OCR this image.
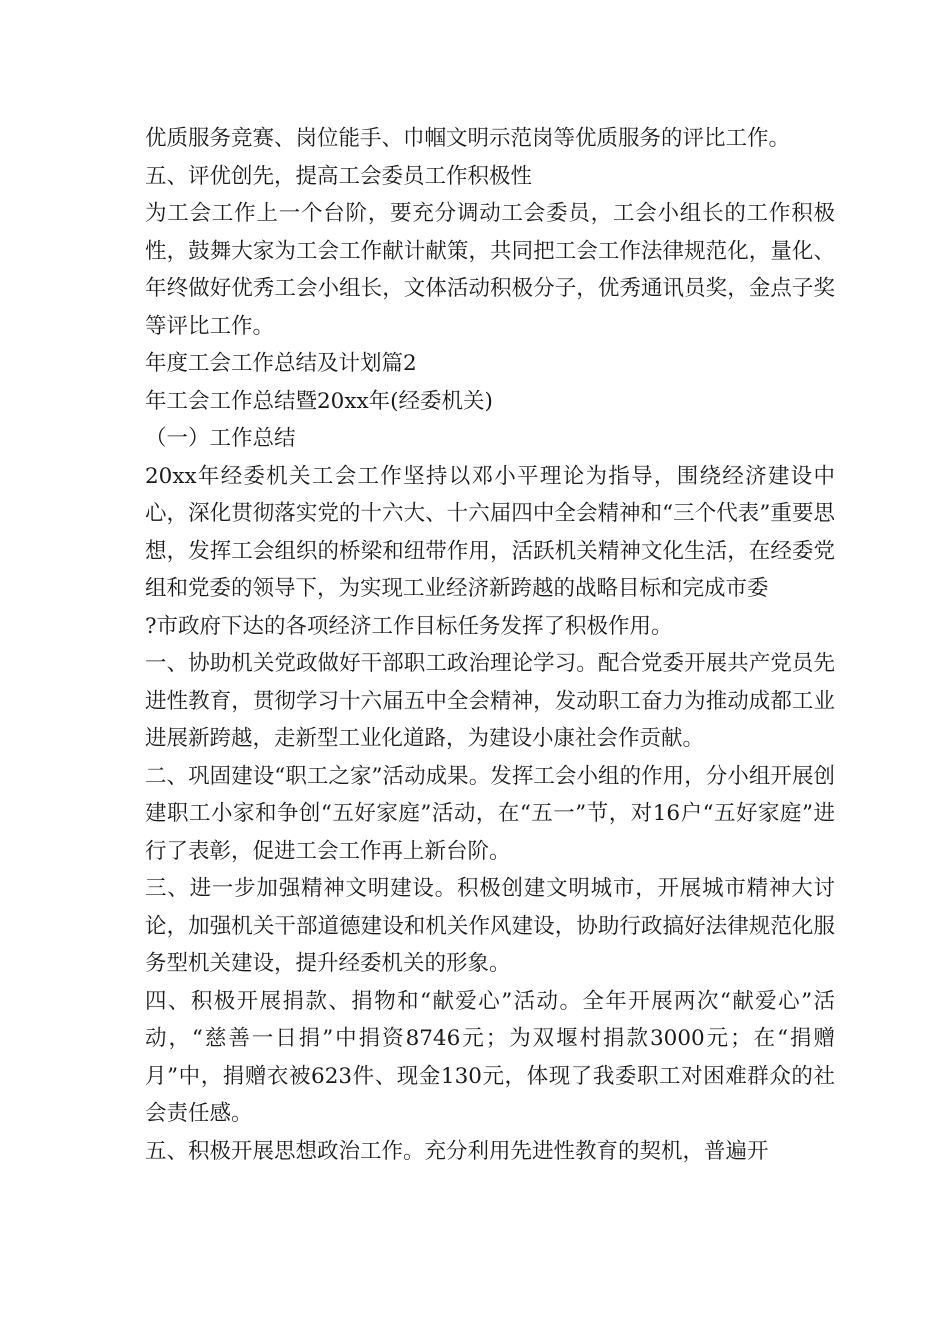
优质服务竞赛、岗位能手、巾帼文明示范岗等优质服务的评比工作。

五、评优创先，提高工会委员工作积极性

为工会工作上一个台阶，要充分调动工会委员，工会小组长的工作积极性，鼓舞大家为工会工作献计献策，共同把工会工作法律规范化，量化、年终做好优秀工会小组长，文体活动积极分子，优秀通讯员奖，金点子奖等评比工作。

年度工会工作总结及计划篇2

年工会工作总结暨20xx年(经委机关)

（一）工作总结

20xx年经委机关工会工作坚持以邓小平理论为指导，围绕经济建设中心，深化贯彻落实党的十六大、十六届四中全会精神和“三个代表”重要思想，发挥工会组织的桥梁和纽带作用，活跃机关精神文化生活，在经委党组和党委的领导下，为实现工业经济新跨越的战略目标和完成市委

?市政府下达的各项经济工作目标任务发挥了积极作用。

一、协助机关党政做好干部职工政治理论学习。配合党委开展共产党员先进性教育，贯彻学习十六届五中全会精神，发动职工奋力为推动成都工业进展新跨越，走新型工业化道路，为建设小康社会作贡献。

二、巩固建设“职工之家”活动成果。发挥工会小组的作用，分小组开展创建职工小家和争创“五好家庭”活动，在“五一”节，对16户“五好家庭”进行了表彰，促进工会工作再上新台阶。

三、进一步加强精神文明建设。积极创建文明城市，开展城市精神大讨论，加强机关干部道德建设和机关作风建设，协助行政搞好法律规范化服务型机关建设，提升经委机关的形象。

四、积极开展捐款、捐物和“献爱心”活动。全年开展两次“献爱心”活动，“慈善一日捐”中捐资8746元；为双堰村捐款3000元；在“捐赠月”中，捐赠衣被623件、现金130元，体现了我委职工对困难群众的社会责任感。

五、积极开展思想政治工作。充分利用先进性教育的契机，普遍开
